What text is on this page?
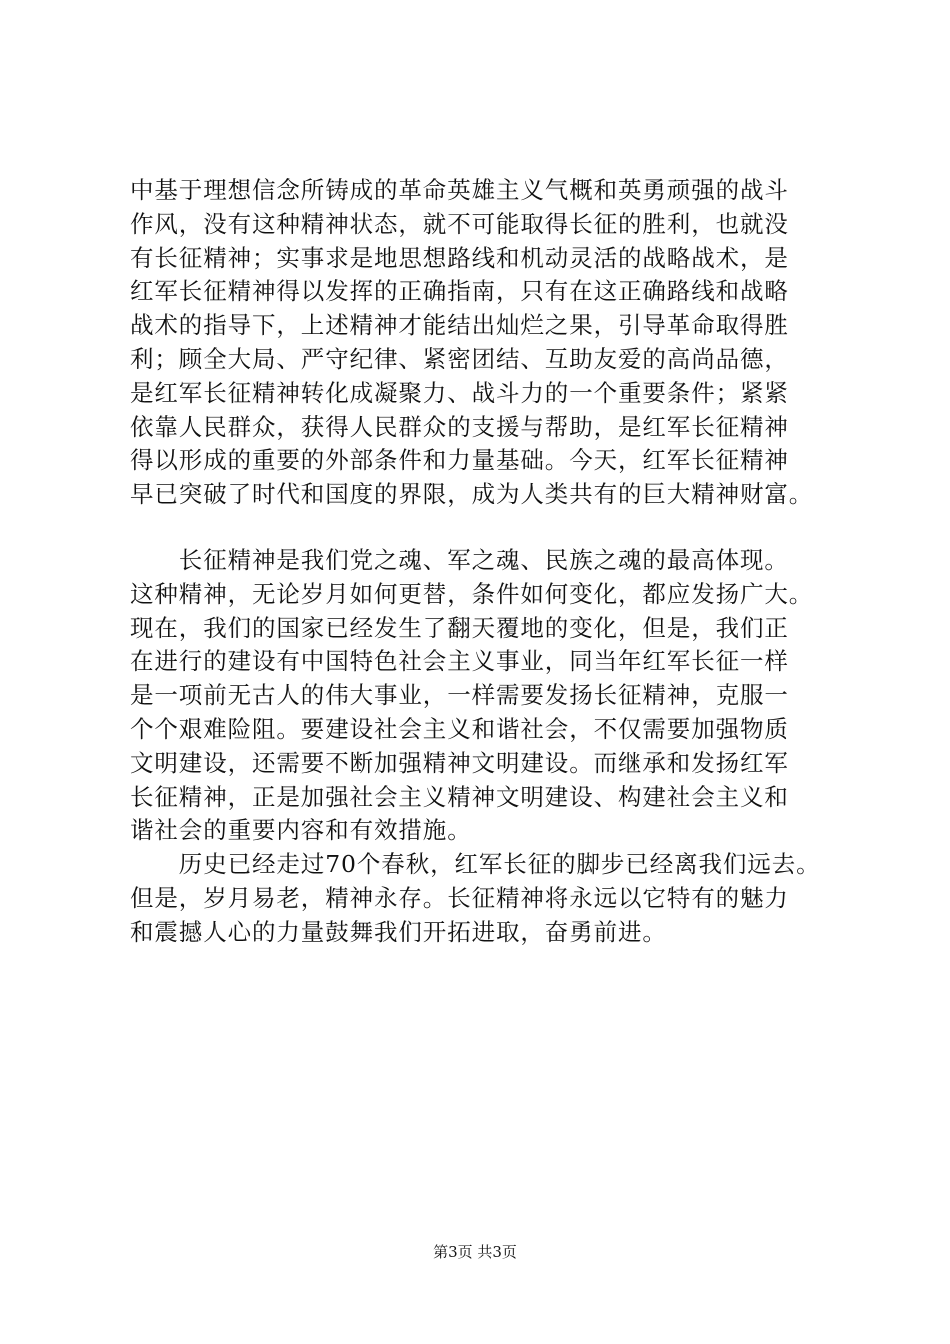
中基于理想信念所铸成的革命英雄主义气概和英勇顽强的战斗
作风，没有这种精神状态，就不可能取得长征的胜利，也就没
有长征精神；实事求是地思想路线和机动灵活的战略战术，是
红军长征精神得以发挥的正确指南，只有在这正确路线和战略
战术的指导下，上述精神才能结出灿烂之果，引导革命取得胜
利；顾全大局、严守纪律、紧密团结、互助友爱的高尚品德，
是红军长征精神转化成凝聚力、战斗力的一个重要条件；紧紧
依靠人民群众，获得人民群众的支援与帮助，是红军长征精神
得以形成的重要的外部条件和力量基础。今天，红军长征精神
早已突破了时代和国度的界限，成为人类共有的巨大精神财富。
　　长征精神是我们党之魂、军之魂、民族之魂的最高体现。
这种精神，无论岁月如何更替，条件如何变化，都应发扬广大。
现在，我们的国家已经发生了翻天覆地的变化，但是，我们正
在进行的建设有中国特色社会主义事业，同当年红军长征一样
是一项前无古人的伟大事业，一样需要发扬长征精神，克服一
个个艰难险阻。要建设社会主义和谐社会，不仅需要加强物质
文明建设，还需要不断加强精神文明建设。而继承和发扬红军
长征精神，正是加强社会主义精神文明建设、构建社会主义和
谐社会的重要内容和有效措施。
　　历史已经走过70个春秋，红军长征的脚步已经离我们远去。
但是，岁月易老，精神永存。长征精神将永远以它特有的魅力
和震撼人心的力量鼓舞我们开拓进取，奋勇前进。
第3页 共3页
